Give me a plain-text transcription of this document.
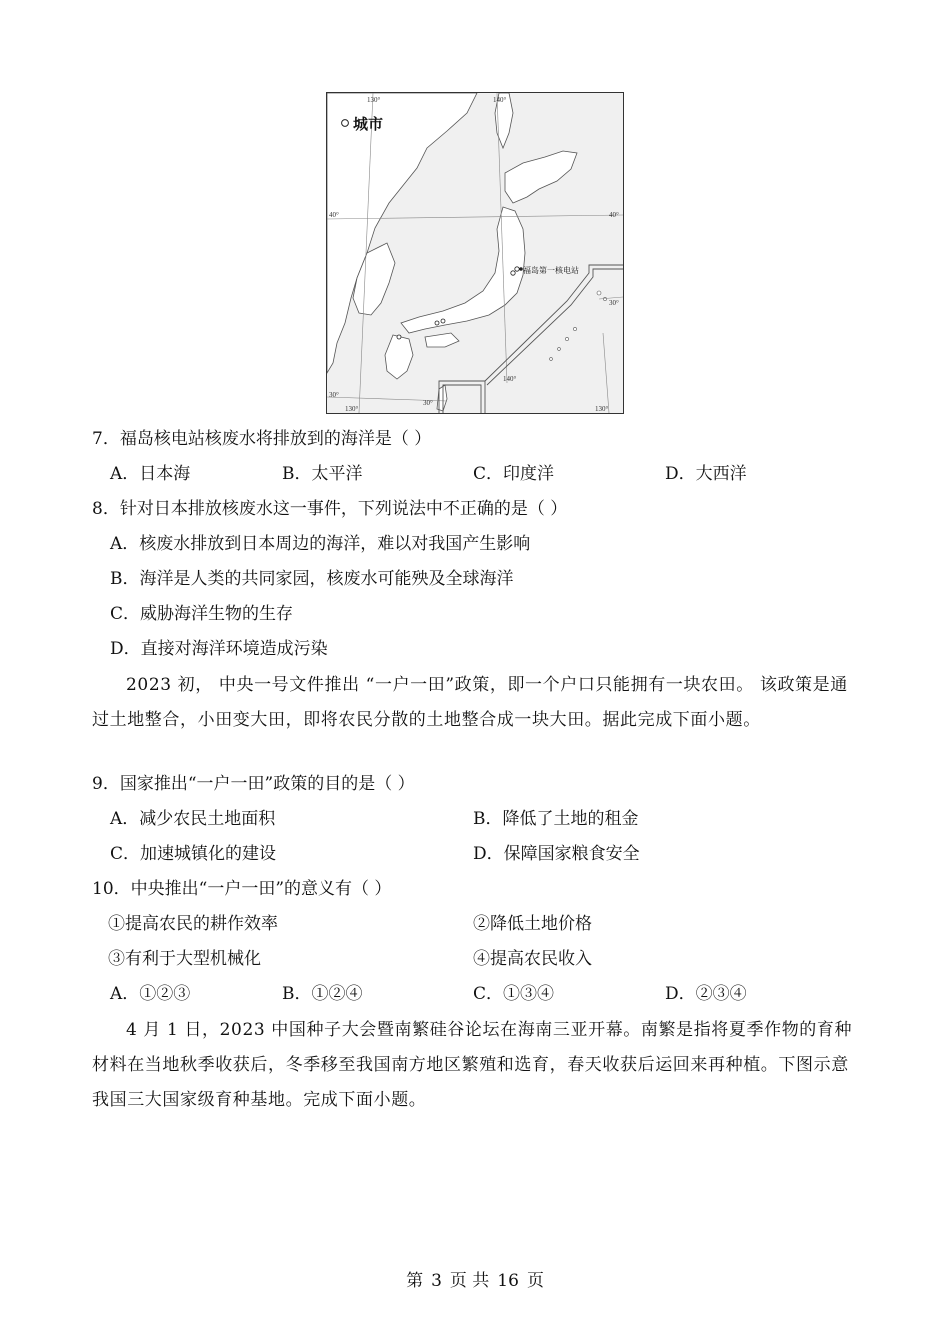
城市
福岛第一核电站
130°	140°
130°
140°
130°
40°	40°
30°
30°
30°
7．福岛核电站核废水将排放到的海洋是（ ）
A．日本海	B．太平洋	C．印度洋	D．大西洋
8．针对日本排放核废水这一事件，下列说法中不正确的是（ ）
A．核废水排放到日本周边的海洋，难以对我国产生影响
B．海洋是人类的共同家园，核废水可能殃及全球海洋
C．威胁海洋生物的生存
D．直接对海洋环境造成污染
2023 初， 中央一号文件推出 “一户一田”政策，即一个户口只能拥有一块农田。 该政策是通过土地整合，小田变大田，即将农民分散的土地整合成一块大田。据此完成下面小题。
9．国家推出“一户一田”政策的目的是（ ）
A．减少农民土地面积	B．降低了土地的租金
C．加速城镇化的建设	D．保障国家粮食安全
10．中央推出“一户一田”的意义有（ ）
①提高农民的耕作效率	②降低土地价格
③有利于大型机械化	④提高农民收入
A．①②③	B．①②④	C．①③④	D．②③④
4 月 1 日，2023 中国种子大会暨南繁硅谷论坛在海南三亚开幕。南繁是指将夏季作物的育种材料在当地秋季收获后，冬季移至我国南方地区繁殖和选育，春天收获后运回来再种植。下图示意我国三大国家级育种基地。完成下面小题。
第 3 页 共 16 页
